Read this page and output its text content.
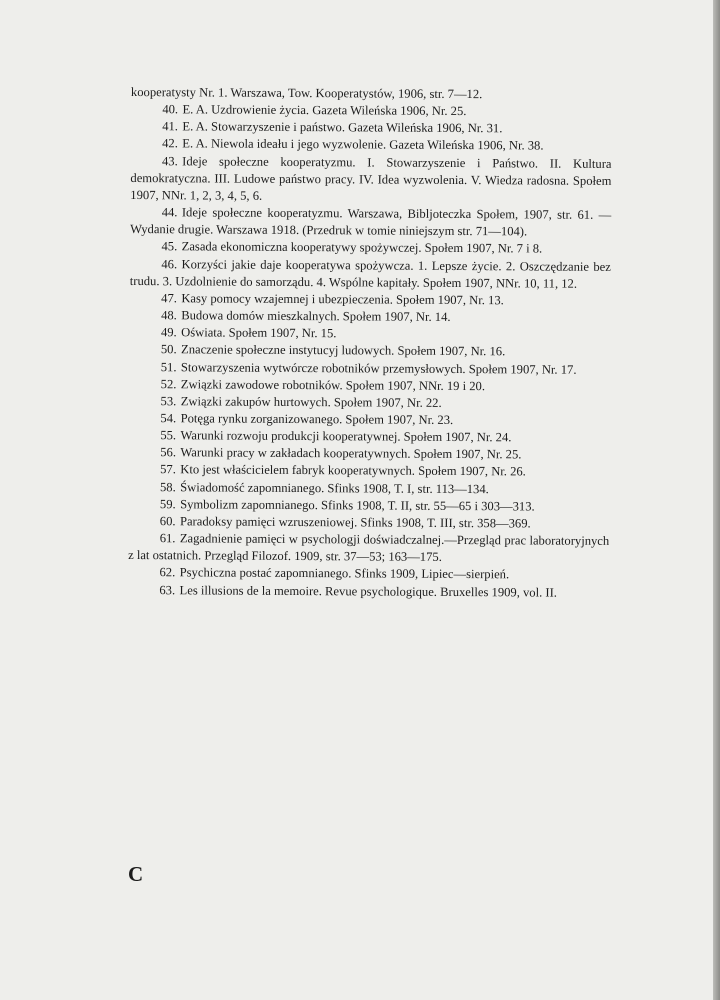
kooperatysty Nr. 1. Warszawa, Tow. Kooperatystów, 1906, str. 7—12.

40. E. A. Uzdrowienie życia. Gazeta Wileńska 1906, Nr. 25.

41. E. A. Stowarzyszenie i państwo. Gazeta Wileńska 1906, Nr. 31.

42. E. A. Niewola ideału i jego wyzwolenie. Gazeta Wileńska 1906, Nr. 38.

43. Ideje społeczne kooperatyzmu. I. Stowarzyszenie i Państwo. II. Kultura demokratyczna. III. Ludowe państwo pracy. IV. Idea wyzwolenia. V. Wiedza radosna. Społem 1907, NNr. 1, 2, 3, 4, 5, 6.

44. Ideje społeczne kooperatyzmu. Warszawa, Bibljoteczka Społem, 1907, str. 61. — Wydanie drugie. Warszawa 1918. (Przedruk w tomie niniejszym str. 71—104).

45. Zasada ekonomiczna kooperatywy spożywczej. Społem 1907, Nr. 7 i 8.

46. Korzyści jakie daje kooperatywa spożywcza. 1. Lepsze życie. 2. Oszczędzanie bez trudu. 3. Uzdolnienie do samorządu. 4. Wspólne kapitały. Społem 1907, NNr. 10, 11, 12.

47. Kasy pomocy wzajemnej i ubezpieczenia. Społem 1907, Nr. 13.

48. Budowa domów mieszkalnych. Społem 1907, Nr. 14.

49. Oświata. Społem 1907, Nr. 15.

50. Znaczenie społeczne instytucyj ludowych. Społem 1907, Nr. 16.

51. Stowarzyszenia wytwórcze robotników przemysłowych. Społem 1907, Nr. 17.

52. Związki zawodowe robotników. Społem 1907, NNr. 19 i 20.

53. Związki zakupów hurtowych. Społem 1907, Nr. 22.

54. Potęga rynku zorganizowanego. Społem 1907, Nr. 23.

55. Warunki rozwoju produkcji kooperatywnej. Społem 1907, Nr. 24.

56. Warunki pracy w zakładach kooperatywnych. Społem 1907, Nr. 25.

57. Kto jest właścicielem fabryk kooperatywnych. Społem 1907, Nr. 26.

58. Świadomość zapomnianego. Sfinks 1908, T. I, str. 113—134.

59. Symbolizm zapomnianego. Sfinks 1908, T. II, str. 55—65 i 303—313.

60. Paradoksy pamięci wzruszeniowej. Sfinks 1908, T. III, str. 358—369.

61. Zagadnienie pamięci w psychologji doświadczalnej.—Przegląd prac laboratoryjnych z lat ostatnich. Przegląd Filozof. 1909, str. 37—53; 163—175.

62. Psychiczna postać zapomnianego. Sfinks 1909, Lipiec—sierpień.

63. Les illusions de la memoire. Revue psychologique. Bruxelles 1909, vol. II.

C
